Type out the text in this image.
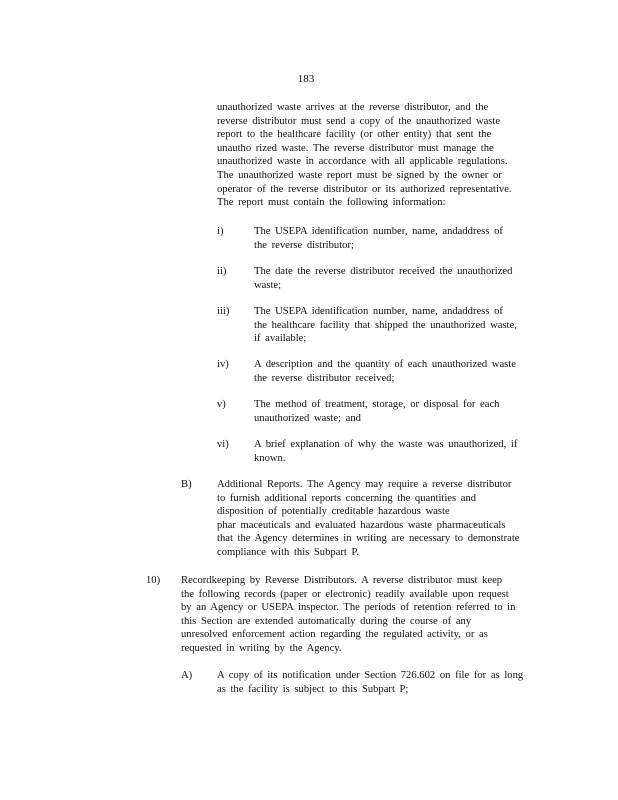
183
unauthorized waste arrives at the reverse distributor, and the
reverse distributor must send a copy of the unauthorized waste
report to the healthcare facility (or other entity) that sent the
unautho rized waste. The reverse distributor must manage the
unauthorized waste in accordance with all applicable regulations.
The unauthorized waste report must be signed by the owner or
operator of the reverse distributor or its authorized representative.
The report must contain the following information:
i)	The USEPA identification number, name, andaddress of
the reverse distributor;
ii)	The date the reverse distributor received the unauthorized
waste;
iii) The USEPA identification number, name, andaddress of
the healthcare facility that shipped the unauthorized waste,
if available;
iv) A description and the quantity of each unauthorized waste
the reverse distributor received;
v)	The method of treatment, storage, or disposal for each
unauthorized waste; and
vi) A brief explanation of why the waste was unauthorized, if
known.
B) Additional Reports. The Agency may require a reverse distributor
to furnish additional reports concerning the quantities and
disposition of potentially creditable hazardous waste
phar maceuticals and evaluated hazardous waste pharmaceuticals
that the Agency determines in writing are necessary to demonstrate
compliance with this Subpart P.
10) Recordkeeping by Reverse Distributors. A reverse distributor must keep
the following records (paper or electronic) readily available upon request
by an Agency or USEPA inspector. The periods of retention referred to in
this Section are extended automatically during the course of any
unresolved enforcement action regarding the regulated activity, or as
requested in writing by the Agency.
A) A copy of its notification under Section 726.602 on file for as long
as the facility is subject to this Subpart P;
